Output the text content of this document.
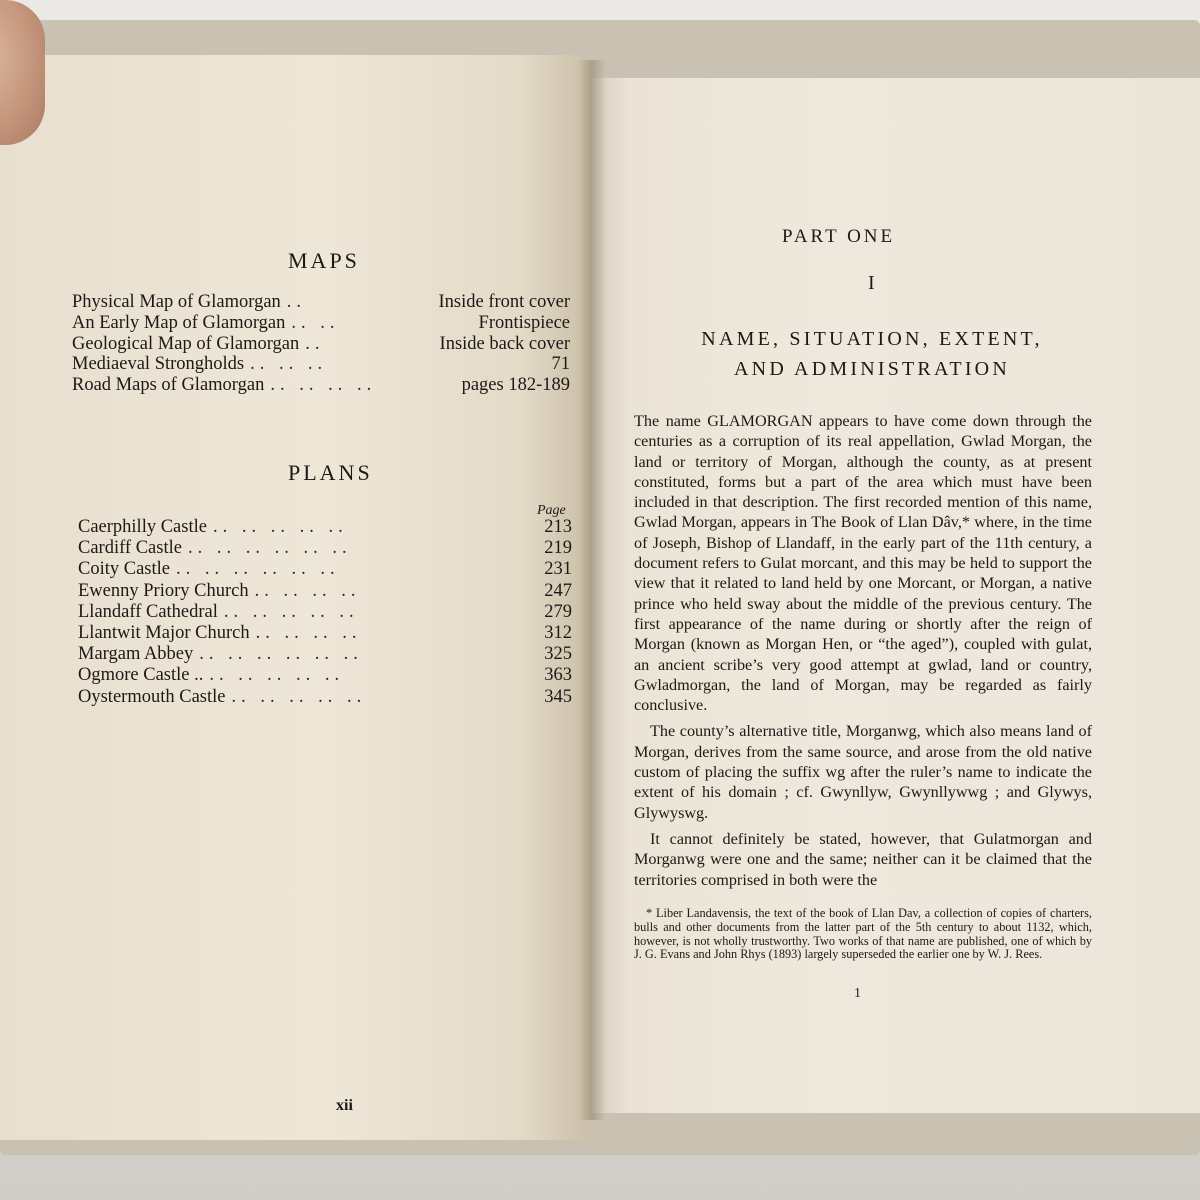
MAPS
Physical Map of Glamorgan ..	Inside front cover
An Early Map of Glamorgan .. ..	Frontispiece
Geological Map of Glamorgan ..	Inside back cover
Mediaeval Strongholds .. .. ..	71
Road Maps of Glamorgan .. .. .. ..	pages 182-189
PLANS
Page
Caerphilly Castle .. .. .. .. ..	213
Cardiff Castle .. .. .. .. .. ..	219
Coity Castle .. .. .. .. .. ..	231
Ewenny Priory Church .. .. .. ..	247
Llandaff Cathedral .. .. .. .. ..	279
Llantwit Major Church .. .. .. ..	312
Margam Abbey .. .. .. .. .. ..	325
Ogmore Castle .. .. .. .. .. ..	363
Oystermouth Castle .. .. .. .. ..	345
xii
PART ONE
I
NAME, SITUATION, EXTENT,
AND ADMINISTRATION

The name GLAMORGAN appears to have come down through the centuries as a corruption of its real appellation, Gwlad Morgan, the land or territory of Morgan, although the county, as at present constituted, forms but a part of the area which must have been included in that description. The first recorded mention of this name, Gwlad Morgan, appears in The Book of Llan Dâv,* where, in the time of Joseph, Bishop of Llandaff, in the early part of the 11th century, a document refers to Gulat morcant, and this may be held to support the view that it related to land held by one Morcant, or Morgan, a native prince who held sway about the middle of the previous century. The first appearance of the name during or shortly after the reign of Morgan (known as Morgan Hen, or “the aged”), coupled with gulat, an ancient scribe’s very good attempt at gwlad, land or country, Gwladmorgan, the land of Morgan, may be regarded as fairly conclusive.

The county’s alternative title, Morganwg, which also means land of Morgan, derives from the same source, and arose from the old native custom of placing the suffix wg after the ruler’s name to indicate the extent of his domain ; cf. Gwynllyw, Gwynllywwg ; and Glywys, Glywyswg.

It cannot definitely be stated, however, that Gulatmorgan and Morganwg were one and the same; neither can it be claimed that the territories comprised in both were the

* Liber Landavensis, the text of the book of Llan Dav, a collection of copies of charters, bulls and other documents from the latter part of the 5th century to about 1132, which, however, is not wholly trustworthy. Two works of that name are published, one of which by J. G. Evans and John Rhys (1893) largely superseded the earlier one by W. J. Rees.

1
